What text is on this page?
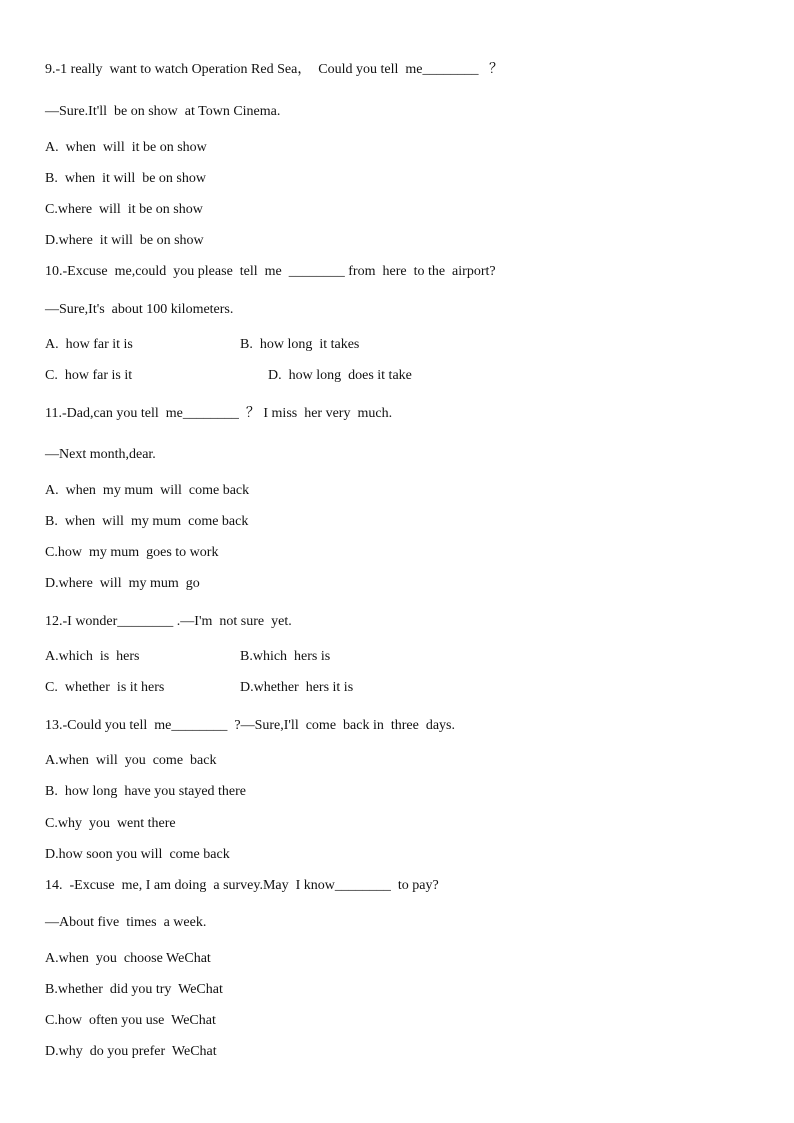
9.-1 really  want to watch Operation Red Sea，  Could you tell  me________   ？
—Sure.It'll  be on show  at Town Cinema.
A.  when  will  it be on show
B.  when  it will  be on show
C.where  will  it be on show
D.where  it will  be on show
10.-Excuse  me,could  you please  tell  me  ________ from  here  to the  airport?
—Sure,It's  about 100 kilometers.
A.  how far it is	B.  how long  it takes
C.  how far is it	D.  how long  does it take
11.-Dad,can you tell  me________  ？ I miss  her very  much.
—Next month,dear.
A.  when  my mum  will  come back
B.  when  will  my mum  come back
C.how  my mum  goes to work
D.where  will  my mum  go
12.-I wonder________ .—I'm  not sure  yet.
A.which  is  hers	B.which  hers is
C.  whether  is it hers	D.whether  hers it is
13.-Could you tell  me________  ?—Sure,I'll  come  back in  three  days.
A.when  will  you  come  back
B.  how long  have you stayed there
C.why  you  went there
D.how soon you will  come back
14.  -Excuse  me, I am doing  a survey.May  I know________  to pay?
—About five  times  a week.
A.when  you  choose WeChat
B.whether  did you try  WeChat
C.how  often you use  WeChat
D.why  do you prefer  WeChat
